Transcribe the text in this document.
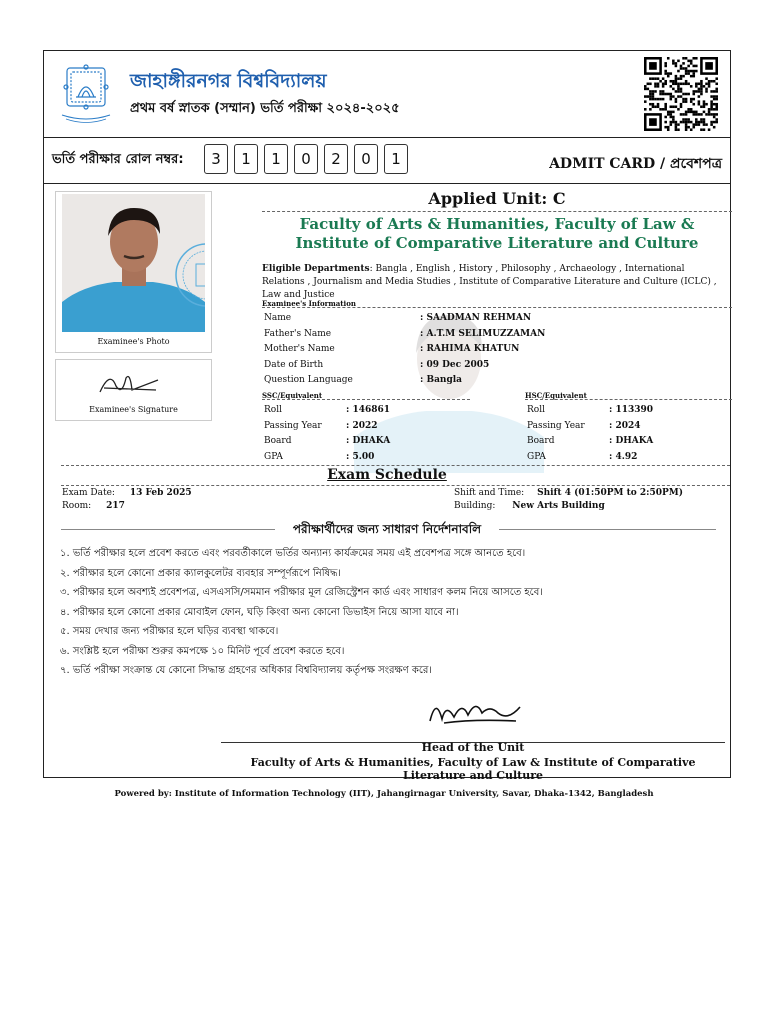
জাহাঙ্গীরনগর বিশ্ববিদ্যালয়
প্রথম বর্ষ স্নাতক (সম্মান) ভর্তি পরীক্ষা ২০২৪-২০২৫
ভর্তি পরীক্ষার রোল নম্বর:	3	1	1	0	2	0	1	ADMIT CARD / প্রবেশপত্র
Examinee's Photo
Examinee's Signature
Applied Unit: C
Faculty of Arts & Humanities, Faculty of Law & Institute of Comparative Literature and Culture
Eligible Departments: Bangla , English , History , Philosophy , Archaeology , International Relations , Journalism and Media Studies , Institute of Comparative Literature and Culture (ICLC) , Law and Justice
Examinee's Information
Name	: SAADMAN REHMAN
Father's Name	: A.T.M SELIMUZZAMAN
Mother's Name	: RAHIMA KHATUN
Date of Birth	: 09 Dec 2005
Question Language	: Bangla
SSC/Equivalent
Roll	: 146861
Passing Year	: 2022
Board	: DHAKA
GPA	: 5.00
HSC/Equivalent
Roll	: 113390
Passing Year	: 2024
Board	: DHAKA
GPA	: 4.92
Exam Schedule
Exam Date: 13 Feb 2025
Room: 217
Shift and Time: Shift 4 (01:50PM to 2:50PM)
Building: New Arts Building
পরীক্ষার্থীদের জন্য সাধারণ নির্দেশনাবলি
১. ভর্তি পরীক্ষার হলে প্রবেশ করতে এবং পরবর্তীকালে ভর্তির অন্যান্য কার্যক্রমের সময় এই প্রবেশপত্র সঙ্গে আনতে হবে।
২. পরীক্ষার হলে কোনো প্রকার ক্যালকুলেটর ব্যবহার সম্পূর্ণরূপে নিষিদ্ধ।
৩. পরীক্ষার হলে অবশ্যই প্রবেশপত্র, এসএসসি/সমমান পরীক্ষার মূল রেজিস্ট্রেশন কার্ড এবং সাধারণ কলম নিয়ে আসতে হবে।
৪. পরীক্ষার হলে কোনো প্রকার মোবাইল ফোন, ঘড়ি কিংবা অন্য কোনো ডিভাইস নিয়ে আসা যাবে না।
৫. সময় দেখার জন্য পরীক্ষার হলে ঘড়ির ব্যবস্থা থাকবে।
৬. সংশ্লিষ্ট হলে পরীক্ষা শুরুর কমপক্ষে ১০ মিনিট পূর্বে প্রবেশ করতে হবে।
৭. ভর্তি পরীক্ষা সংক্রান্ত যে কোনো সিদ্ধান্ত গ্রহণের অধিকার বিশ্ববিদ্যালয় কর্তৃপক্ষ সংরক্ষণ করে।
Head of the Unit
Faculty of Arts & Humanities, Faculty of Law & Institute of Comparative Literature and Culture
Powered by: Institute of Information Technology (IIT), Jahangirnagar University, Savar, Dhaka-1342, Bangladesh
